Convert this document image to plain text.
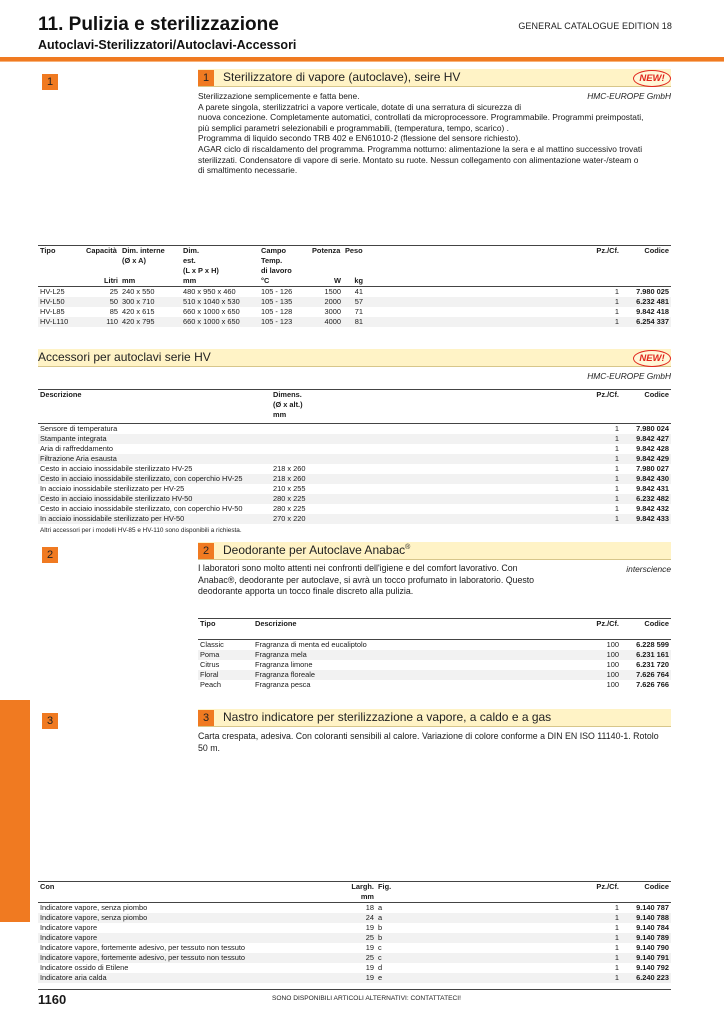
11. Pulizia e sterilizzazione
Autoclavi-Sterilizzatori/Autoclavi-Accessori
GENERAL CATALOGUE EDITION 18
1	1	Sterilizzatore di vapore (autoclave), seire HV	NEW!
HMC-EUROPE GmbH

Sterilizzazione semplicemente e fatta bene.

A parete singola, sterilizzatrici a vapore verticale, dotate di una serratura di sicurezza di

nuova concezione. Completamente automatici, controllati da microprocessore. Programmabile. Programmi preimpostati,

più semplici parametri selezionabili e programmabili, (temperatura, tempo, scarico) .

Programma di liquido secondo TRB 402 e EN61010-2 (flessione del sensore richiesto).

AGAR ciclo di riscaldamento del programma. Programma notturno: alimentazione la sera e al mattino successivo trovati

sterilizzati. Condensatore di vapore di serie. Montato su ruote. Nessun collegamento con alimentazione water-/steam o

di smaltimento necessarie.

Tipo	Capacità	Dim. interne	Dim.	Campo	Potenza	Peso		Pz./Cf.	Codice
		(Ø x A)	est.	Temp.					
			(L x P x H)	di lavoro					
	Litri	mm	mm	°C	W	kg			
HV-L25	25	240 x 550	480 x 950 x 460	105 - 126	1500	41		1	7.980 025
HV-L50	50	300 x 710	510 x 1040 x 530	105 - 135	2000	57		1	6.232 481
HV-L85	85	420 x 615	660 x 1000 x 650	105 - 128	3000	71		1	9.842 418
HV-L110	110	420 x 795	660 x 1000 x 650	105 - 123	4000	81		1	6.254 337
Accessori per autoclavi serie HV	NEW!
HMC-EUROPE GmbH
Descrizione	Dimens.		Pz./Cf.	Codice
	(Ø x alt.)			
	mm			

Sensore di temperatura			1	7.980 024
Stampante integrata			1	9.842 427
Aria di raffreddamento			1	9.842 428
Filtrazione Aria esausta			1	9.842 429
Cesto in acciaio inossidabile sterilizzato HV-25	218 x 260		1	7.980 027
Cesto in acciaio inossidabile sterilizzato, con coperchio HV-25	218 x 260		1	9.842 430
In acciaio inossidabile sterilizzato per HV-25	210 x 255		1	9.842 431
Cesto in acciaio inossidabile sterilizzato HV-50	280 x 225		1	6.232 482
Cesto in acciaio inossidabile sterilizzato, con coperchio HV-50	280 x 225		1	9.842 432
In acciaio inossidabile sterilizzato per HV-50	270 x 220		1	9.842 433
Altri accessori per i modelli HV-85 e HV-110 sono disponibili a richiesta.
2	2	Deodorante per Autoclave Anabac®
interscience

I laboratori sono molto attenti nei confronti dell'igiene e del comfort lavorativo. Con

Anabac®, deodorante per autoclave, si avrà un tocco profumato in laboratorio. Questo

deodorante apporta un tocco finale discreto alla pulizia.

Tipo	Descrizione		Pz./Cf.	Codice

Classic	Fragranza di menta ed eucaliptolo		100	6.228 599
Poma	Fragranza mela		100	6.231 161
Citrus	Fragranza limone		100	6.231 720
Floral	Fragranza floreale		100	7.626 764
Peach	Fragranza pesca		100	7.626 766
3	3	Nastro indicatore per sterilizzazione a vapore, a caldo e a gas

Carta crespata, adesiva. Con coloranti sensibili al calore. Variazione di colore conforme a DIN EN ISO 11140-1. Rotolo

50 m.

Con	Largh.	Fig.		Pz./Cf.	Codice
	mm				
Indicatore vapore, senza piombo	18	a		1	9.140 787
Indicatore vapore, senza piombo	24	a		1	9.140 788
Indicatore vapore	19	b		1	9.140 784
Indicatore vapore	25	b		1	9.140 789
Indicatore vapore, fortemente adesivo, per tessuto non tessuto	19	c		1	9.140 790
Indicatore vapore, fortemente adesivo, per tessuto non tessuto	25	c		1	9.140 791
Indicatore ossido di Etilene	19	d		1	9.140 792
Indicatore aria calda	19	e		1	6.240 223
1160	SONO DISPONIBILI ARTICOLI ALTERNATIVI: CONTATTATECI!
